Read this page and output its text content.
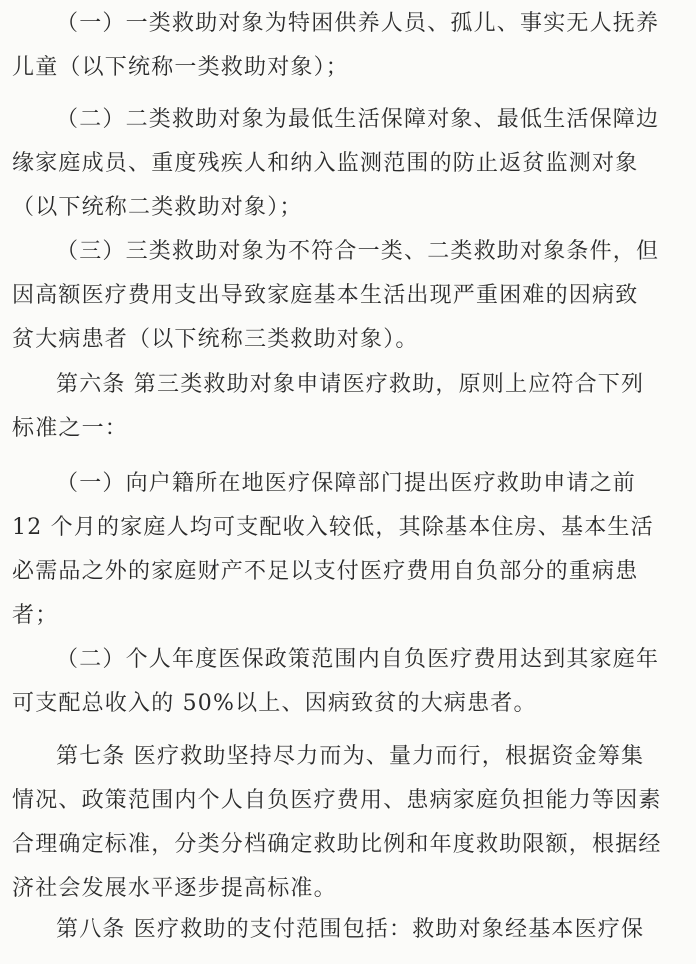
（一）一类救助对象为特困供养人员、孤儿、事实无人抚养
儿童（以下统称一类救助对象）；

（二）二类救助对象为最低生活保障对象、最低生活保障边
缘家庭成员、重度残疾人和纳入监测范围的防止返贫监测对象
（以下统称二类救助对象）；

（三）三类救助对象为不符合一类、二类救助对象条件，但
因高额医疗费用支出导致家庭基本生活出现严重困难的因病致
贫大病患者（以下统称三类救助对象）。

第六条 第三类救助对象申请医疗救助，原则上应符合下列
标准之一：

（一）向户籍所在地医疗保障部门提出医疗救助申请之前
12 个月的家庭人均可支配收入较低，其除基本住房、基本生活
必需品之外的家庭财产不足以支付医疗费用自负部分的重病患
者；

（二）个人年度医保政策范围内自负医疗费用达到其家庭年
可支配总收入的 50%以上、因病致贫的大病患者。

第七条 医疗救助坚持尽力而为、量力而行，根据资金筹集
情况、政策范围内个人自负医疗费用、患病家庭负担能力等因素
合理确定标准，分类分档确定救助比例和年度救助限额，根据经
济社会发展水平逐步提高标准。

第八条 医疗救助的支付范围包括：救助对象经基本医疗保
